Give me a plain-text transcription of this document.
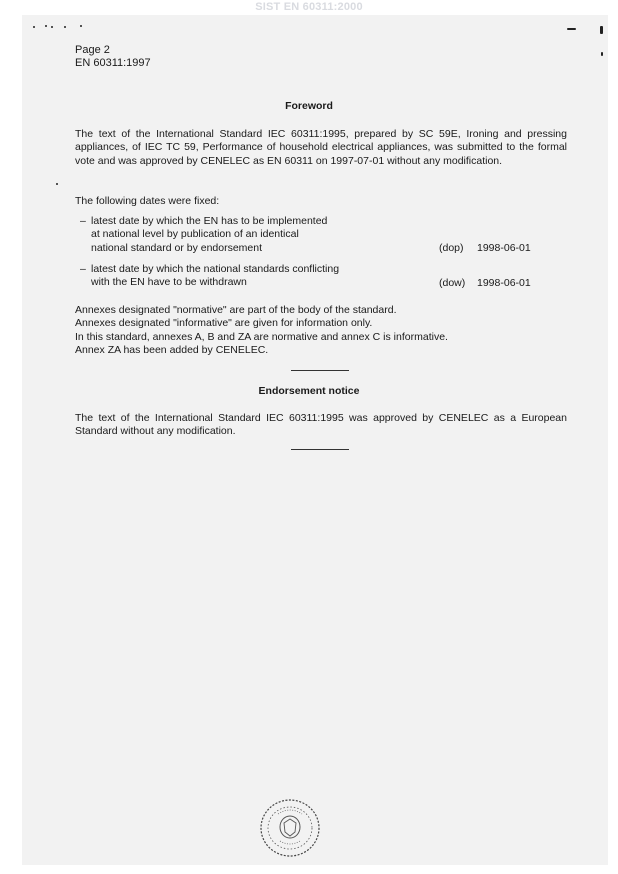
SIST EN 60311:2000
Page 2
EN 60311:1997
Foreword
The text of the International Standard IEC 60311:1995, prepared by SC 59E, Ironing and pressing appliances, of IEC TC 59, Performance of household electrical appliances, was submitted to the formal vote and was approved by CENELEC as EN 60311 on 1997-07-01 without any modification.
The following dates were fixed:
– latest date by which the EN has to be implemented
at national level by publication of an identical
national standard or by endorsement	(dop) 1998-06-01
– latest date by which the national standards conflicting
with the EN have to be withdrawn	(dow) 1998-06-01
Annexes designated "normative" are part of the body of the standard.
Annexes designated "informative" are given for information only.
In this standard, annexes A, B and ZA are normative and annex C is informative.
Annex ZA has been added by CENELEC.
Endorsement notice
The text of the International Standard IEC 60311:1995 was approved by CENELEC as a European Standard without any modification.
